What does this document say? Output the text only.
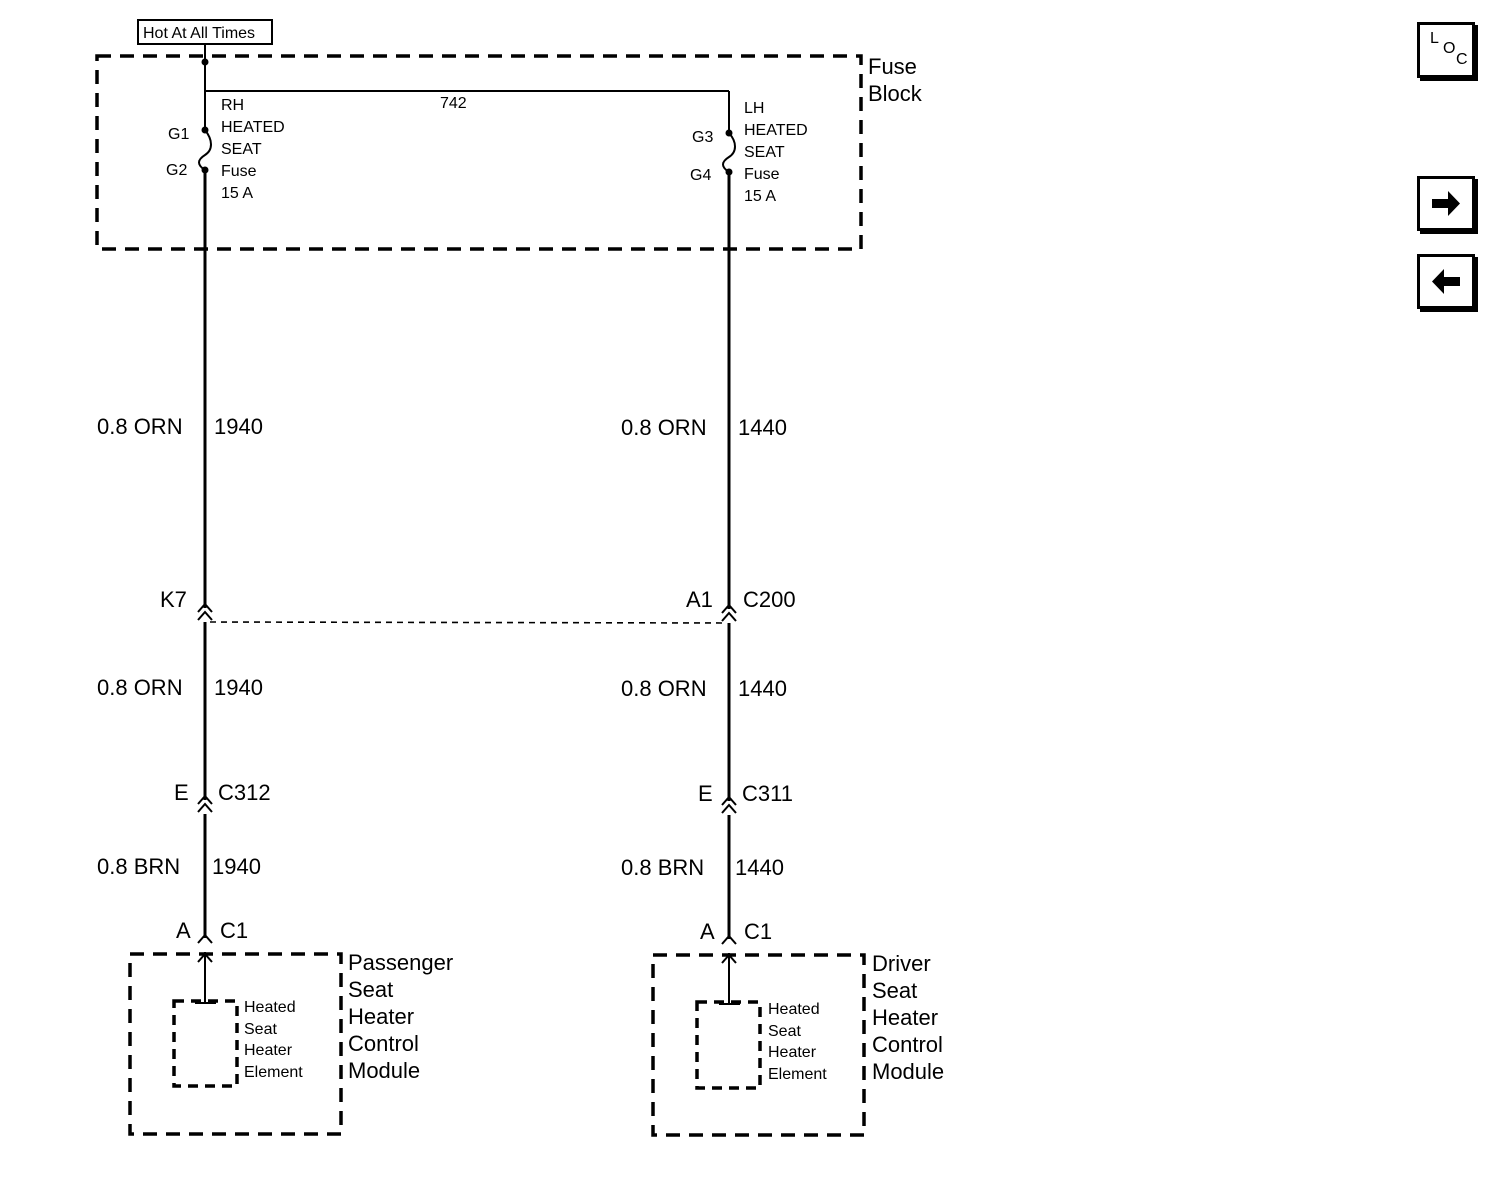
Hot At All Times
Fuse
Block
742
G1
G2
RH
HEATED
SEAT
Fuse
15 A
G3
G4
LH
HEATED
SEAT
Fuse
15 A
0.8 ORN 1940
K7
0.8 ORN 1940
E C312
0.8 BRN 1940
A C1
0.8 ORN 1440
A1 C200
0.8 ORN 1440
E C311
0.8 BRN 1440
A C1
Heated
Seat
Heater
Element
Passenger
Seat
Heater
Control
Module
Heated
Seat
Heater
Element
Driver
Seat
Heater
Control
Module
L
O
C
